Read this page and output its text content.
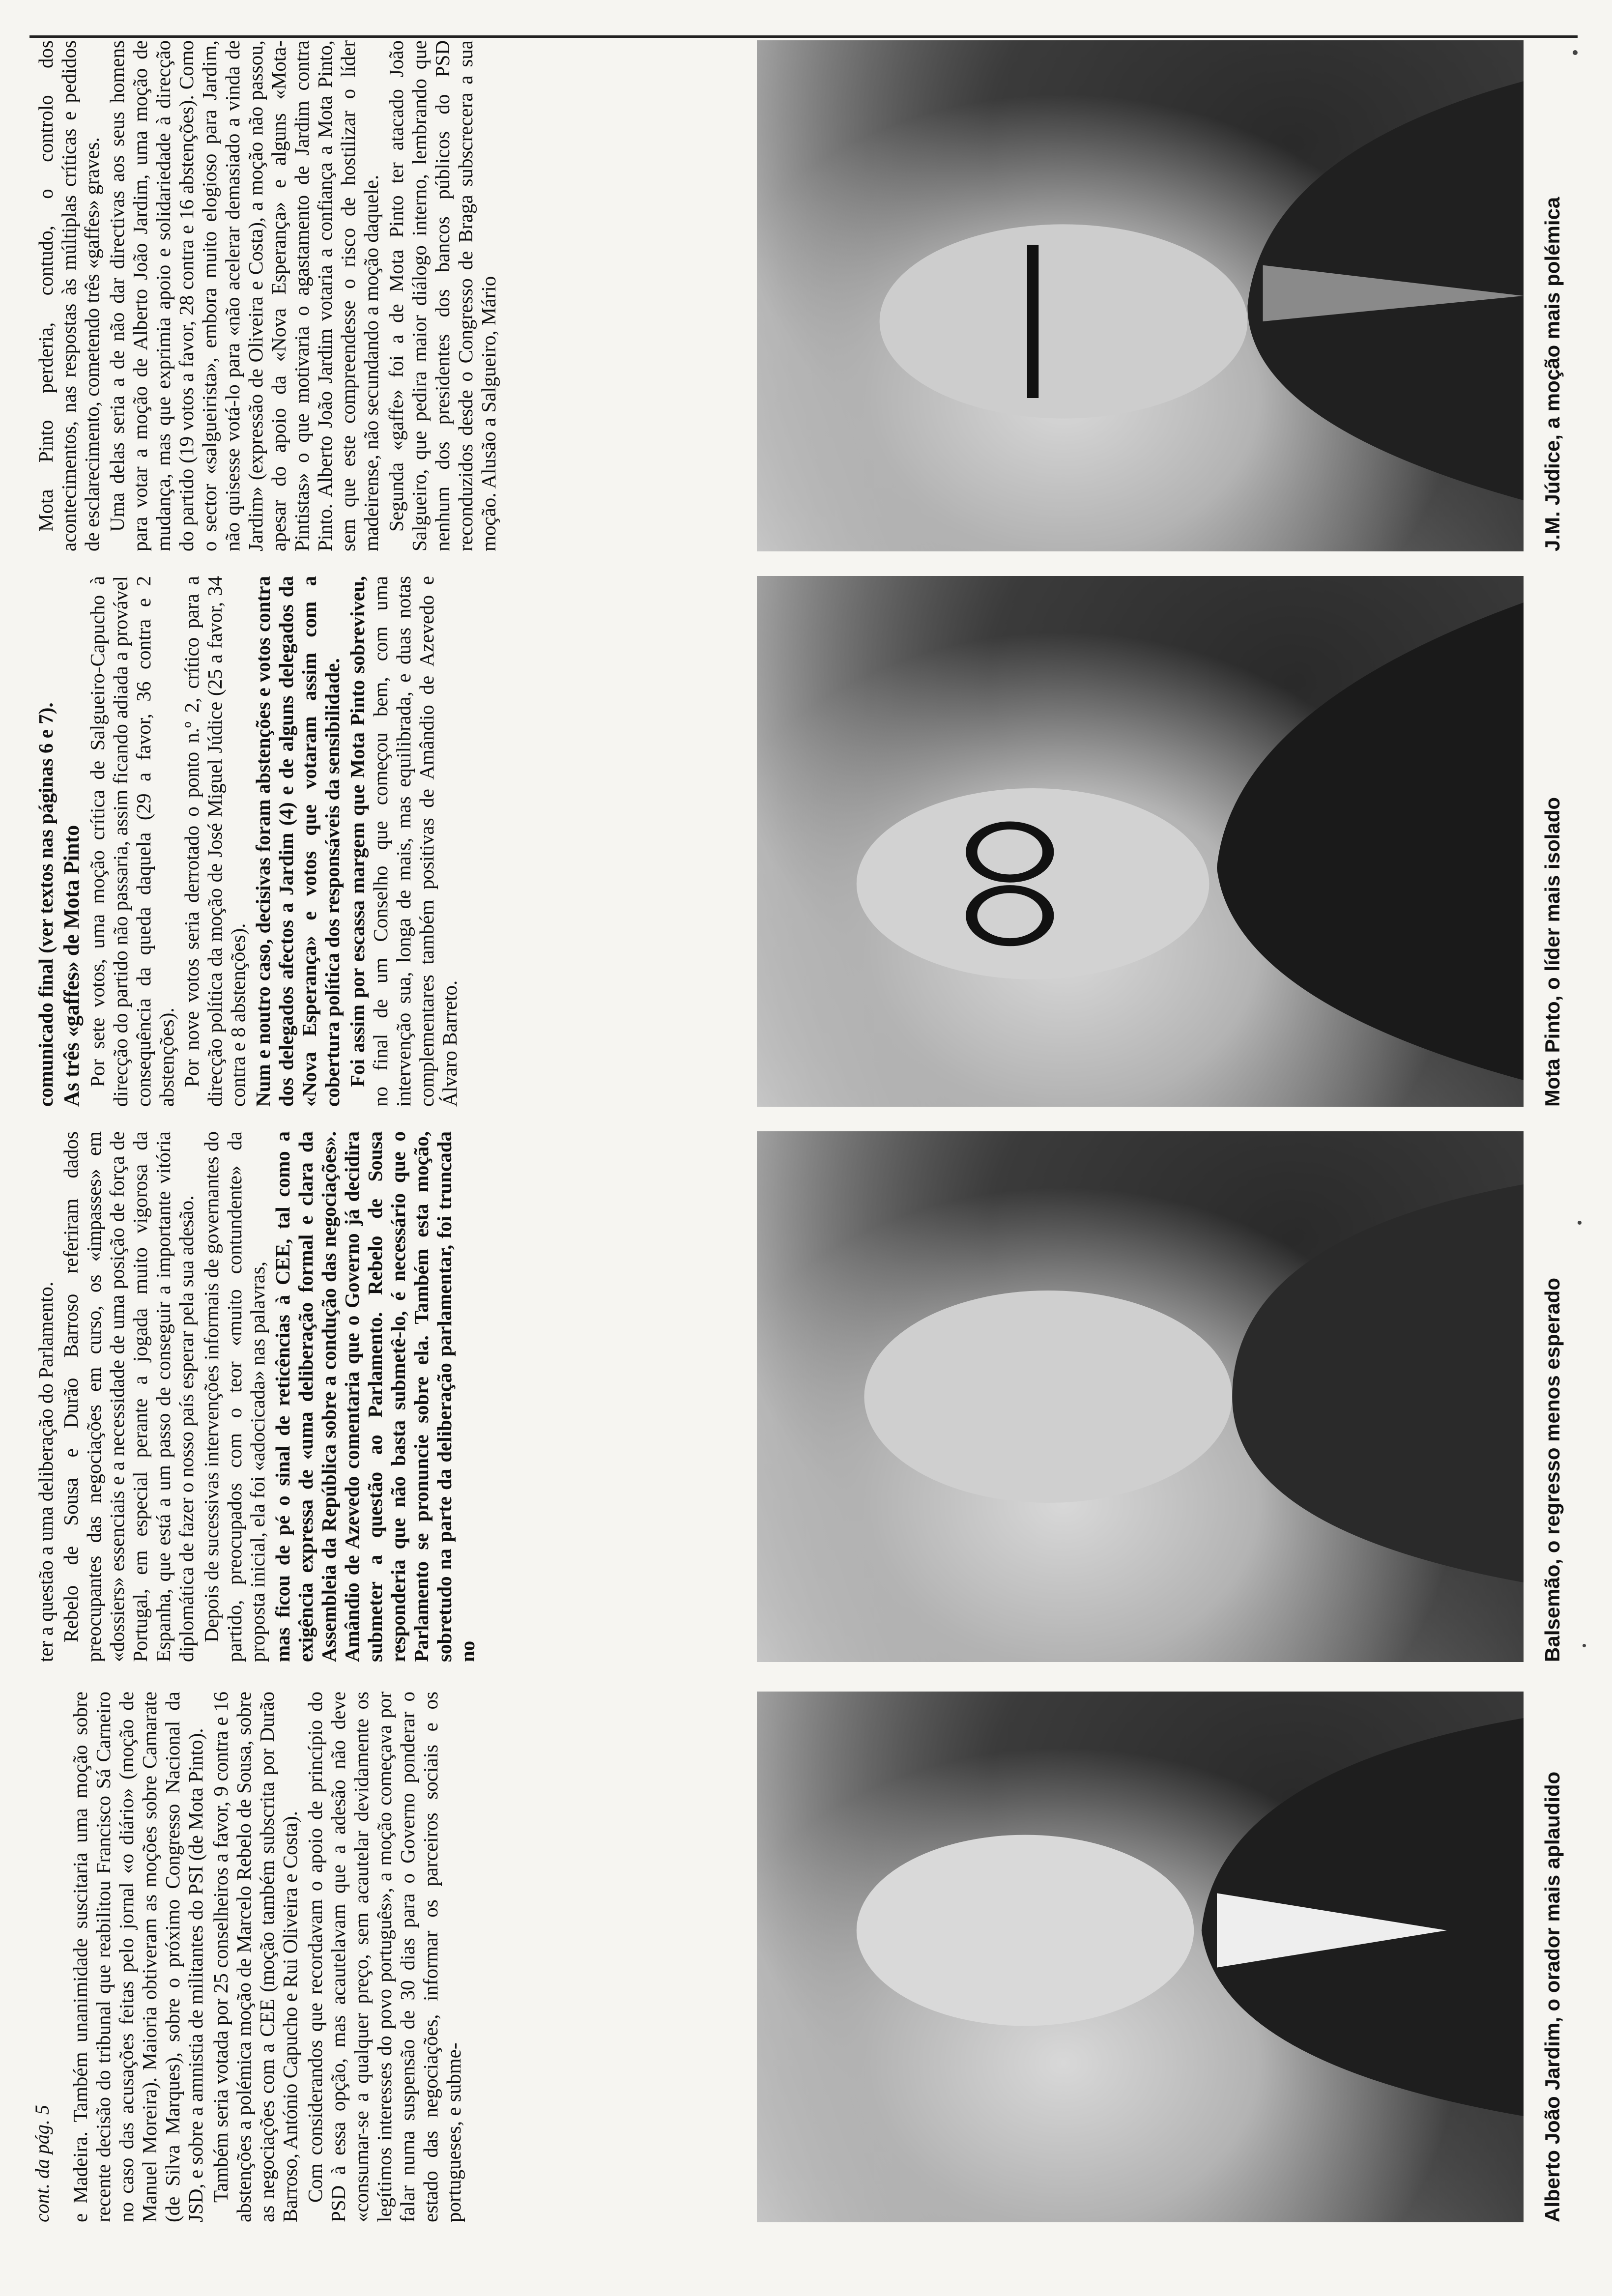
cont. da pág. 5 e Madeira. Também unanimidade suscitaria uma moção sobre recente decisão do tribunal que reabilitou Francisco Sá Carneiro no caso das acusações feitas pelo jornal «o diário» (moção de Manuel Moreira). Maioria obtiveram as moções sobre Camarate (de Silva Marques), sobre o próximo Congresso Nacional da JSD, e sobre a amnistia de militantes do PSI (de Mota Pinto). Também seria votada por 25 conselheiros a favor, 9 contra e 16 abstenções a polémica moção de Marcelo Rebelo de Sousa, sobre as negociações com a CEE (moção também subscrita por Durão Barroso, António Capucho e Rui Oliveira e Costa). Com considerandos que recordavam o apoio de princípio do PSD à essa opção, mas acautelavam que a adesão não deve «consumar-se a qualquer preço, sem acautelar devidamente os legítimos interesses do povo português», a moção começava por falar numa suspensão de 30 dias para o Governo ponderar o estado das negociações, informar os parceiros sociais e os portugueses, e subme-

ter a questão a uma deliberação do Parlamento. Rebelo de Sousa e Durão Barroso referiram dados preocupantes das negociações em curso, os «impasses» em «dossiers» essenciais e a necessidade de uma posição de força de Portugal, em especial perante a jogada muito vigorosa da Espanha, que está a um passo de conseguir a importante vitória diplomática de fazer o nosso país esperar pela sua adesão. Depois de sucessivas intervenções informais de governantes do partido, preocupados com o teor «muito contundente» da proposta inicial, ela foi «adocicada» nas palavras, mas ficou de pé o sinal de reticências à CEE, tal como a exigência expressa de «uma deliberação formal e clara da Assembleia da República sobre a condução das negociações». Amândio de Azevedo comentaria que o Governo já decidira submeter a questão ao Parlamento. Rebelo de Sousa responderia que não basta submetê-lo, é necessário que o Parlamento se pronuncie sobre ela. Também esta moção, sobretudo na parte da deliberação parlamentar, foi truncada no

comunicado final (ver textos nas páginas 6 e 7). As três «gaffes» de Mota Pinto Por sete votos, uma moção crítica de Salgueiro-Capucho à direcção do partido não passaria, assim ficando adiada a provável consequência da queda daquela (29 a favor, 36 contra e 2 abstenções). Por nove votos seria derrotado o ponto n.º 2, crítico para a direcção política da moção de José Miguel Júdice (25 a favor, 34 contra e 8 abstenções). Num e noutro caso, decisivas foram abstenções e votos contra dos delegados afectos a Jardim (4) e de alguns delegados da «Nova Esperança» e votos que votaram assim com a cobertura política dos responsáveis da sensibilidade. Foi assim por escassa margem que Mota Pinto sobreviveu, no final de um Conselho que começou bem, com uma intervenção sua, longa de mais, mas equilibrada, e duas notas complementares também positivas de Amândio de Azevedo e Álvaro Barreto.

Mota Pinto perderia, contudo, o controlo dos acontecimentos, nas respostas às múltiplas críticas e pedidos de esclarecimento, cometendo três «gaffes» graves. Uma delas seria a de não dar directivas aos seus homens para votar a moção de Alberto João Jardim, uma moção de mudança, mas que exprimia apoio e solidariedade à direcção do partido (19 votos a favor, 28 contra e 16 abstenções). Como o sector «salgueirista», embora muito elogioso para Jardim, não quisesse votá-lo para «não acelerar demasiado a vinda de Jardim» (expressão de Oliveira e Costa), a moção não passou, apesar do apoio da «Nova Esperança» e alguns «Mota-Pintistas» o que motivaria o agastamento de Jardim contra Pinto. Alberto João Jardim votaria a confiança a Mota Pinto, sem que este compreendesse o risco de hostilizar o líder madeirense, não secundando a moção daquele. Segunda «gaffe» foi a de Mota Pinto ter atacado João Salgueiro, que pedira maior diálogo interno, lembrando que nenhum dos presidentes dos bancos públicos do PSD reconduzidos desde o Congresso de Braga subscrecera a sua moção. Alusão a Salgueiro, Mário

Alberto João Jardim, o orador mais aplaudido
Balsemão, o regresso menos esperado
Mota Pinto, o líder mais isolado
J.M. Júdice, a moção mais polémica
